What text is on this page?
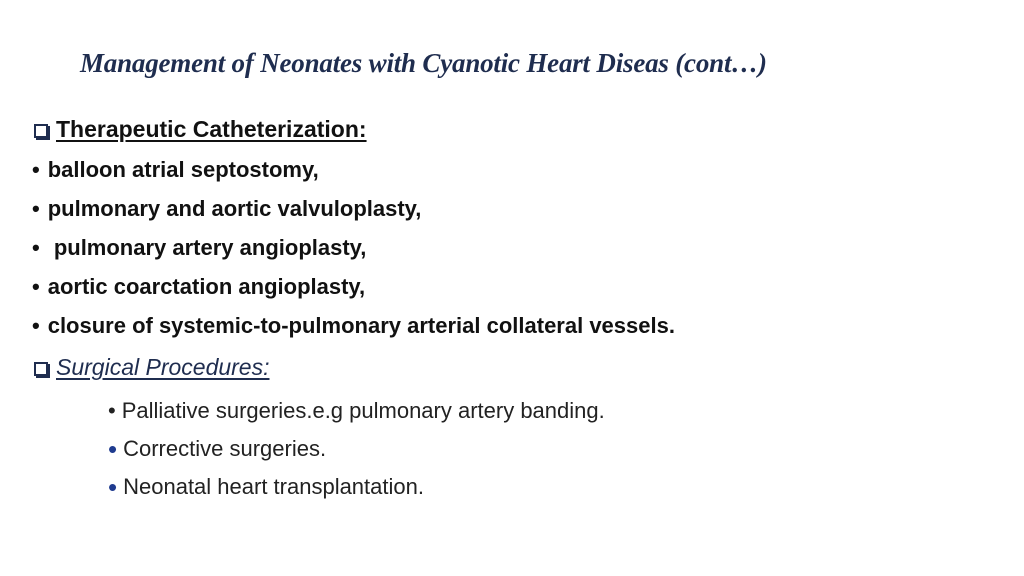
Management of Neonates with Cyanotic Heart Diseas (cont…)
Therapeutic Catheterization:
• balloon atrial septostomy,
• pulmonary and aortic valvuloplasty,
• pulmonary artery angioplasty,
• aortic coarctation angioplasty,
• closure of systemic-to-pulmonary arterial collateral vessels.
Surgical Procedures:
• Palliative surgeries.e.g pulmonary artery banding.
• Corrective surgeries.
• Neonatal heart transplantation.
